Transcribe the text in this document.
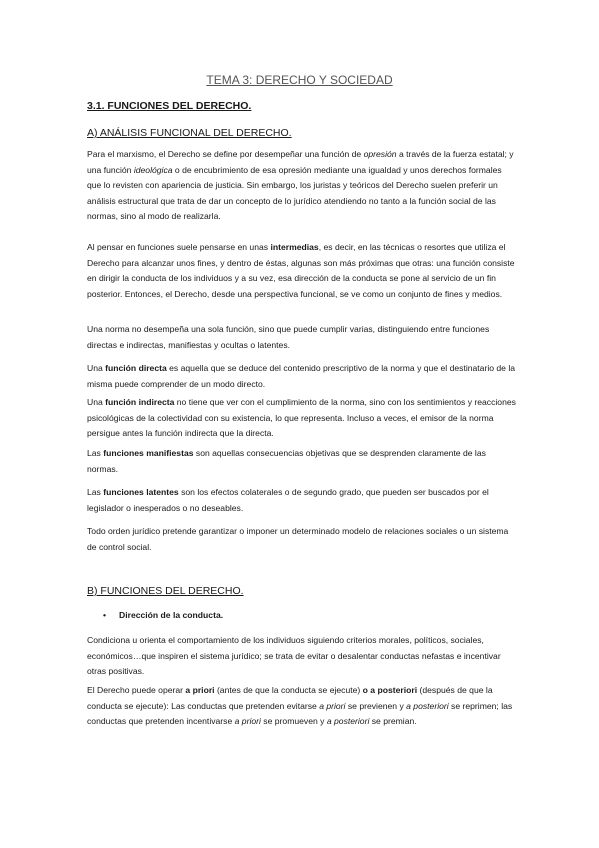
TEMA 3: DERECHO Y SOCIEDAD
3.1. FUNCIONES DEL DERECHO.
A) ANÁLISIS FUNCIONAL DEL DERECHO.
Para el marxismo, el Derecho se define por desempeñar una función de opresión a través de la fuerza estatal; y una función ideológica o de encubrimiento de esa opresión mediante una igualdad y unos derechos formales que lo revisten con apariencia de justicia. Sin embargo, los juristas y teóricos del Derecho suelen preferir un análisis estructural que trata de dar un concepto de lo jurídico atendiendo no tanto a la función social de las normas, sino al modo de realizarla.
Al pensar en funciones suele pensarse en unas intermedias, es decir, en las técnicas o resortes que utiliza el Derecho para alcanzar unos fines, y dentro de éstas, algunas son más próximas que otras: una función consiste en dirigir la conducta de los individuos y a su vez, esa dirección de la conducta se pone al servicio de un fin posterior. Entonces, el Derecho, desde una perspectiva funcional, se ve como un conjunto de fines y medios.
Una norma no desempeña una sola función, sino que puede cumplir varias, distinguiendo entre funciones directas e indirectas, manifiestas y ocultas o latentes.
Una función directa es aquella que se deduce del contenido prescriptivo de la norma y que el destinatario de la misma puede comprender de un modo directo.
Una función indirecta no tiene que ver con el cumplimiento de la norma, sino con los sentimientos y reacciones psicológicas de la colectividad con su existencia, lo que representa. Incluso a veces, el emisor de la norma persigue antes la función indirecta que la directa.
Las funciones manifiestas son aquellas consecuencias objetivas que se desprenden claramente de las normas.
Las funciones latentes son los efectos colaterales o de segundo grado, que pueden ser buscados por el legislador o inesperados o no deseables.
Todo orden jurídico pretende garantizar o imponer un determinado modelo de relaciones sociales o un sistema de control social.
B) FUNCIONES DEL DERECHO.
• Dirección de la conducta.
Condiciona u orienta el comportamiento de los individuos siguiendo criterios morales, políticos, sociales, económicos…que inspiren el sistema jurídico; se trata de evitar o desalentar conductas nefastas e incentivar otras positivas.
El Derecho puede operar a priori (antes de que la conducta se ejecute) o a posteriori (después de que la conducta se ejecute): Las conductas que pretenden evitarse a priori se previenen y a posteriori se reprimen; las conductas que pretenden incentivarse a priori se promueven y a posteriori se premian.
